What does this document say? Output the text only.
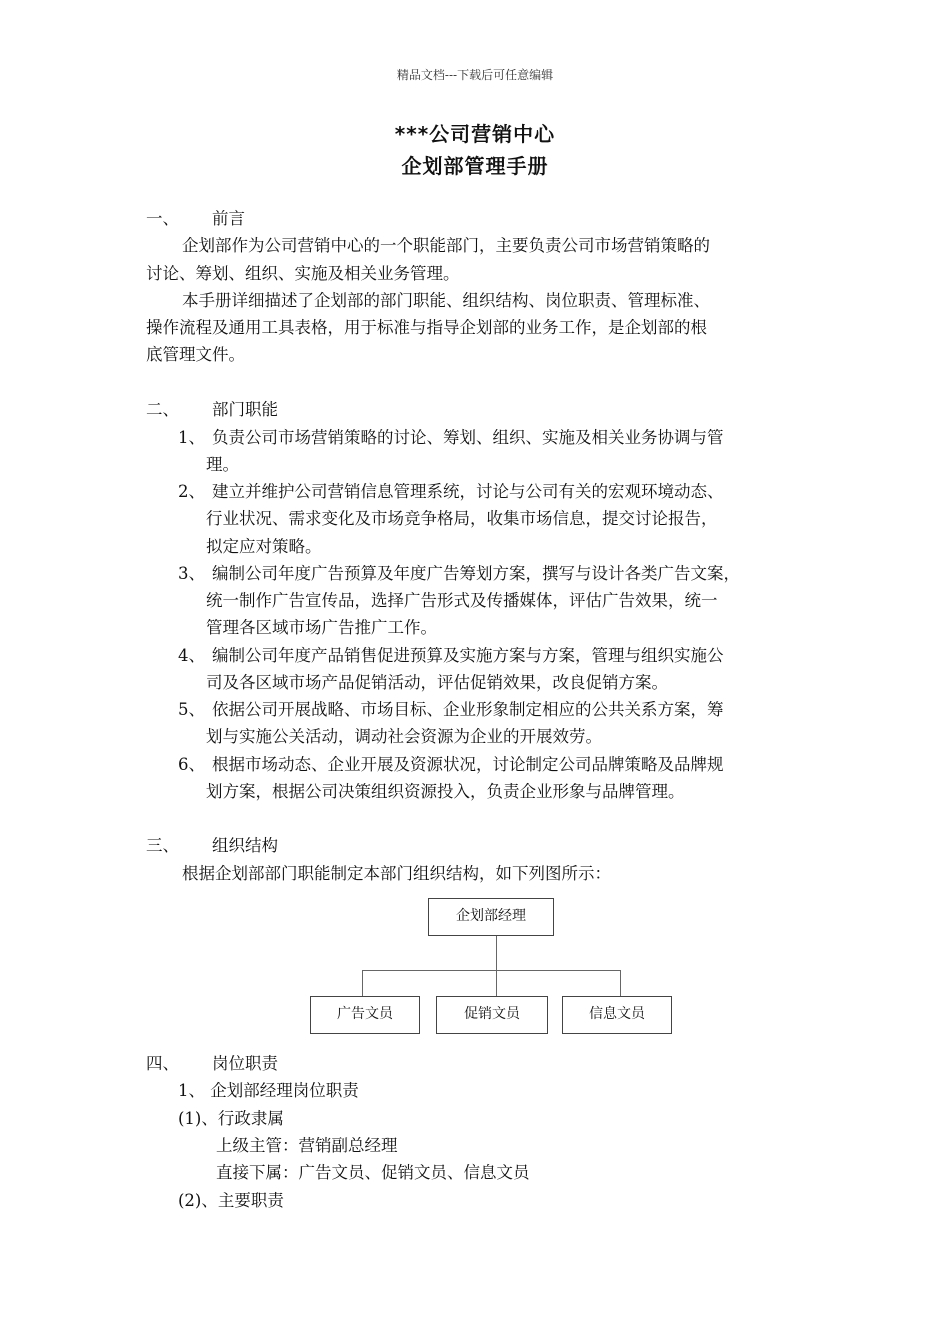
精品文档---下载后可任意编辑
***公司营销中心
企划部管理手册
一、 前言
企划部作为公司营销中心的一个职能部门，主要负责公司市场营销策略的
讨论、筹划、组织、实施及相关业务管理。
本手册详细描述了企划部的部门职能、组织结构、岗位职责、管理标准、
操作流程及通用工具表格，用于标准与指导企划部的业务工作，是企划部的根
底管理文件。
二、 部门职能
1、 负责公司市场营销策略的讨论、筹划、组织、实施及相关业务协调与管
理。
2、 建立并维护公司营销信息管理系统，讨论与公司有关的宏观环境动态、
行业状况、需求变化及市场竞争格局，收集市场信息，提交讨论报告，
拟定应对策略。
3、 编制公司年度广告预算及年度广告筹划方案，撰写与设计各类广告文案，
统一制作广告宣传品，选择广告形式及传播媒体，评估广告效果，统一
管理各区域市场广告推广工作。
4、 编制公司年度产品销售促进预算及实施方案与方案，管理与组织实施公
司及各区域市场产品促销活动，评估促销效果，改良促销方案。
5、 依据公司开展战略、市场目标、企业形象制定相应的公共关系方案，筹
划与实施公关活动，调动社会资源为企业的开展效劳。
6、 根据市场动态、企业开展及资源状况，讨论制定公司品牌策略及品牌规
划方案，根据公司决策组织资源投入，负责企业形象与品牌管理。
三、 组织结构
根据企划部部门职能制定本部门组织结构，如下列图所示：
企划部经理
广告文员	促销文员	信息文员
四、 岗位职责
1、 企划部经理岗位职责
(1)、行政隶属
上级主管：营销副总经理
直接下属：广告文员、促销文员、信息文员
(2)、主要职责
